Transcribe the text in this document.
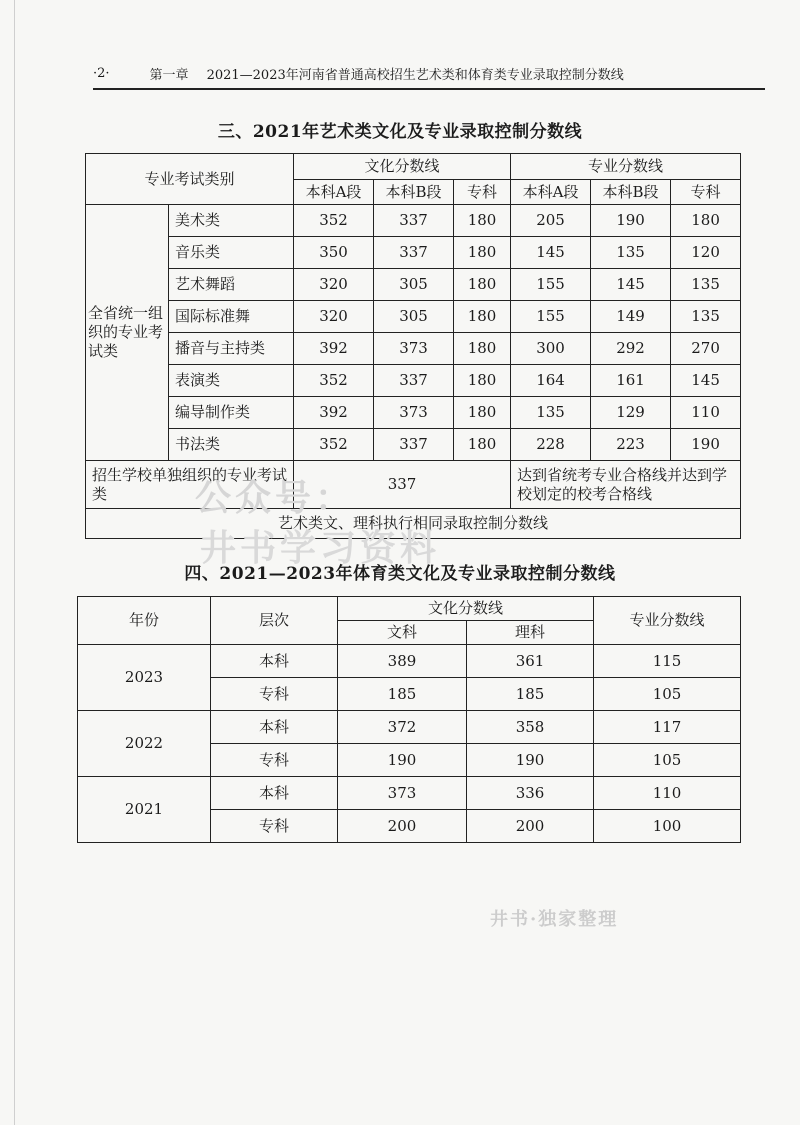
·2·	第一章 2021—2023年河南省普通高校招生艺术类和体育类专业录取控制分数线
三、2021年艺术类文化及专业录取控制分数线
专业考试类别		文化分数线			专业分数线		
		本科A段	本科B段	专科	本科A段	本科B段	专科
全省统一组织的专业考试类	美术类	352	337	180	205	190	180
	音乐类	350	337	180	145	135	120
	艺术舞蹈	320	305	180	155	145	135
	国际标准舞	320	305	180	155	149	135
	播音与主持类	392	373	180	300	292	270
	表演类	352	337	180	164	161	145
	编导制作类	392	373	180	135	129	110
	书法类	352	337	180	228	223	190
招生学校单独组织的专业考试类		337			达到省统考专业合格线并达到学校划定的校考合格线		
艺术类文、理科执行相同录取控制分数线							
四、2021—2023年体育类文化及专业录取控制分数线
年份	层次	文化分数线		专业分数线
		文科	理科	
2023	本科	389	361	115
	专科	185	185	105
2022	本科	372	358	117
	专科	190	190	105
2021	本科	373	336	110
	专科	200	200	100
公众号：
井书学习资料
井书·独家整理
